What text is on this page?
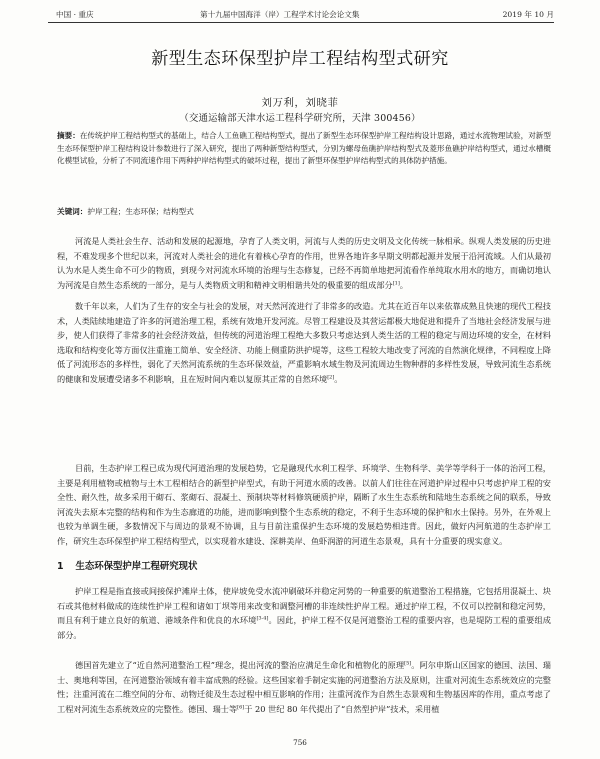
中国 · 重庆	第十九届中国海洋（岸）工程学术讨论会论文集	2019 年 10 月
新型生态环保型护岸工程结构型式研究
刘万利，刘晓菲
（交通运输部天津水运工程科学研究所，天津 300456）

摘要：在传统护岸工程结构型式的基础上，结合人工鱼礁工程结构型式，提出了新型生态环保型护岸工程结构设计思路，通过水流物理试验，对新型生态环保型护岸工程结构设计参数进行了深入研究，提出了两种新型结构型式，分别为螺母鱼礁护岸结构型式及菱形鱼礁护岸结构型式，通过水槽概化模型试验，分析了不同流速作用下两种护岸结构型式的破坏过程，提出了新型环保型护岸结构型式的具体防护措施。

关键词：护岸工程；生态环保；结构型式

河流是人类社会生存、活动和发展的起源地，孕育了人类文明，河流与人类的历史文明及文化传统一脉相承。纵观人类发展的历史进程，不难发现多个世纪以来，河流对人类社会的进化有着核心孕育的作用，世界各地许多早期文明都起源并发展于沿河流域。人们从最初认为水是人类生命不可少的物质，到现今对河流水环境的治理与生态修复，已经不再简单地把河流看作单纯取水用水的地方，而确切地认为河流是自然生态系统的一部分，是与人类物质文明和精神文明相谐共处的极重要的组成部分[1]。

数千年以来，人们为了生存的安全与社会的发展，对天然河流进行了非常多的改造。尤其在近百年以来依靠成熟且快速的现代工程技术，人类陆续地建造了许多的河道治理工程，系统有效地开发河流。尽管工程建设及其营运都极大地促进和提升了当地社会经济发展与进步，使人们获得了非常多的社会经济效益，但传统的河道治理工程绝大多数只考虑达到人类生活的工程的稳定与周边环境的安全，在材料选取和结构变化等方面仅注重施工简单、安全经济、功能上侧重防洪护堤等，这些工程较大地改变了河流的自然演化规律，不同程度上降低了河流形态的多样性，弱化了天然河流系统的生态环保效益，严重影响水域生物及河流周边生物种群的多样性发展，导致河流生态系统的健康和发展遭受诸多不利影响，且在短时间内难以复原其正常的自然环境[2]。

目前，生态护岸工程已成为现代河道治理的发展趋势，它是融现代水利工程学、环境学、生物科学、美学等学科于一体的治河工程，主要是利用植物或植物与土木工程相结合的新型护岸型式，有助于河道水质的改善。以前人们往往在河道护岸过程中只考虑护岸工程的安全性、耐久性，故多采用干砌石、浆砌石、混凝土、预制块等材料修筑硬质护岸，隔断了水生生态系统和陆地生态系统之间的联系，导致河流失去原本完整的结构和作为生态廊道的功能，进而影响到整个生态系统的稳定，不利于生态环境的保护和水土保持。另外，在外观上也较为单调生硬，多数情况下与周边的景观不协调，且与目前注重保护生态环境的发展趋势相违背。因此，做好内河航道的生态护岸工作，研究生态环保型护岸工程结构型式，以实现着水建设、深耕美岸、鱼虾润游的河道生态景观，具有十分重要的现实意义。

1 生态环保型护岸工程研究现状

护岸工程是指直接或间接保护滩岸土体，使岸坡免受水流冲刷破坏并稳定河势的一种重要的航道整治工程措施，它包括用混凝土、块石或其他材料做成的连续性护岸工程和诸如丁坝等用来改变和调整河槽的非连续性护岸工程。通过护岸工程，不仅可以控制和稳定河势，而且有利于建立良好的航道、港域条件和优良的水环境[3-4]。因此，护岸工程不仅是河道整治工程的重要内容，也是堤防工程的重要组成部分。

德国首先建立了“近自然河道整治工程”理念，提出河流的整治应满足生命化和植物化的原理[5]。阿尔申斯山区国家的德国、法国、瑞士、奥地利等国，在河道整治领域有着丰富成熟的经验。这些国家着手制定实施的河道整治方法及原则，注重对河流生态系统效应的完整性；注重河流在二维空间的分布、动物迁徙及生态过程中相互影响的作用；注重河流作为自然生态景观和生物基因库的作用，重点考虑了工程对河流生态系统效应的完整性。德国、瑞士等[6]于 20 世纪 80 年代提出了“自然型护岸”技术，采用植

756
